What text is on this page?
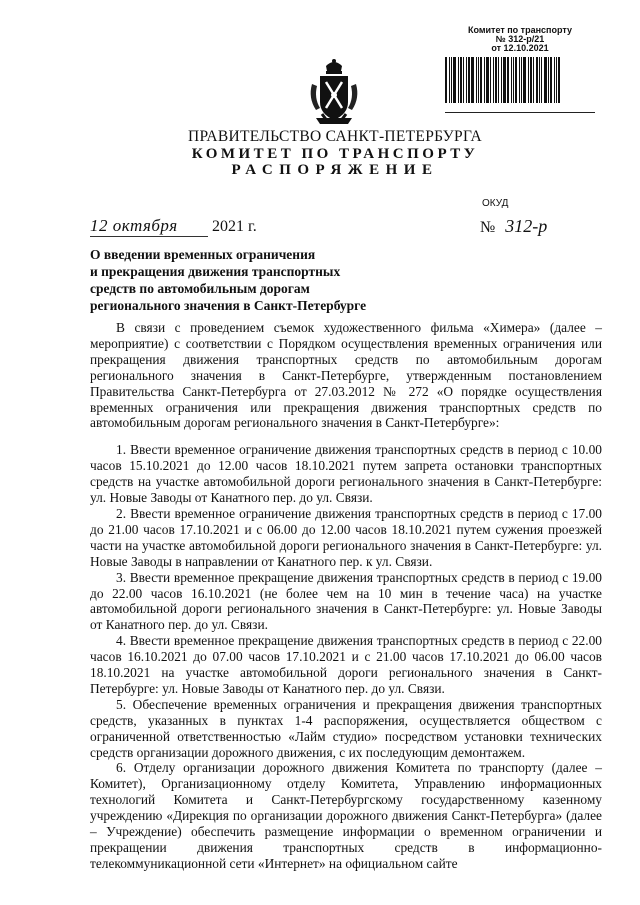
Комитет по транспорту
№ 312-р/21
от 12.10.2021
ПРАВИТЕЛЬСТВО САНКТ-ПЕТЕРБУРГА
КОМИТЕТ ПО ТРАНСПОРТУ
РАСПОРЯЖЕНИЕ
ОКУД
12 октября 2021 г.	№ 312-р
О введении временных ограничения
и прекращения движения транспортных
средств по автомобильным дорогам
регионального значения в Санкт-Петербурге

В связи с проведением съемок художественного фильма «Химера» (далее – мероприятие) с соответствии с Порядком осуществления временных ограничения или прекращения движения транспортных средств по автомобильным дорогам регионального значения в Санкт-Петербурге, утвержденным постановлением Правительства Санкт-Петербурга от 27.03.2012 № 272 «О порядке осуществления временных ограничения или прекращения движения транспортных средств по автомобильным дорогам регионального значения в Санкт-Петербурге»:

1. Ввести временное ограничение движения транспортных средств в период с 10.00 часов 15.10.2021 до 12.00 часов 18.10.2021 путем запрета остановки транспортных средств на участке автомобильной дороги регионального значения в Санкт-Петербурге: ул. Новые Заводы от Канатного пер. до ул. Связи.

2. Ввести временное ограничение движения транспортных средств в период с 17.00 до 21.00 часов 17.10.2021 и с 06.00 до 12.00 часов 18.10.2021 путем сужения проезжей части на участке автомобильной дороги регионального значения в Санкт-Петербурге: ул. Новые Заводы в направлении от Канатного пер. к ул. Связи.

3. Ввести временное прекращение движения транспортных средств в период с 19.00 до 22.00 часов 16.10.2021 (не более чем на 10 мин в течение часа) на участке автомобильной дороги регионального значения в Санкт-Петербурге: ул. Новые Заводы от Канатного пер. до ул. Связи.

4. Ввести временное прекращение движения транспортных средств в период с 22.00 часов 16.10.2021 до 07.00 часов 17.10.2021 и с 21.00 часов 17.10.2021 до 06.00 часов 18.10.2021 на участке автомобильной дороги регионального значения в Санкт-Петербурге: ул. Новые Заводы от Канатного пер. до ул. Связи.

5. Обеспечение временных ограничения и прекращения движения транспортных средств, указанных в пунктах 1-4 распоряжения, осуществляется обществом с ограниченной ответственностью «Лайм студио» посредством установки технических средств организации дорожного движения, с их последующим демонтажем.

6. Отделу организации дорожного движения Комитета по транспорту (далее – Комитет), Организационному отделу Комитета, Управлению информационных технологий Комитета и Санкт-Петербургскому государственному казенному учреждению «Дирекция по организации дорожного движения Санкт-Петербурга» (далее – Учреждение) обеспечить размещение информации о временном ограничении и прекращении движения транспортных средств в информационно-телекоммуникационной сети «Интернет» на официальном сайте
